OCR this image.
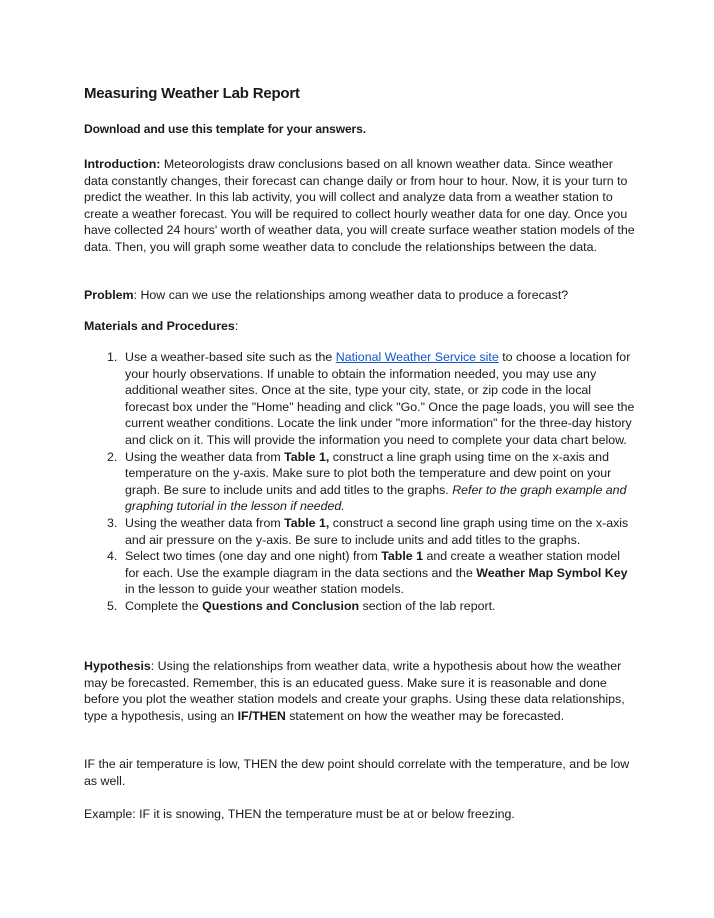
Measuring Weather Lab Report
Download and use this template for your answers.
Introduction: Meteorologists draw conclusions based on all known weather data. Since weather data constantly changes, their forecast can change daily or from hour to hour. Now, it is your turn to predict the weather. In this lab activity, you will collect and analyze data from a weather station to create a weather forecast. You will be required to collect hourly weather data for one day. Once you have collected 24 hours' worth of weather data, you will create surface weather station models of the data. Then, you will graph some weather data to conclude the relationships between the data.
Problem: How can we use the relationships among weather data to produce a forecast?
Materials and Procedures:
1. Use a weather-based site such as the National Weather Service site to choose a location for your hourly observations. If unable to obtain the information needed, you may use any additional weather sites. Once at the site, type your city, state, or zip code in the local forecast box under the "Home" heading and click "Go." Once the page loads, you will see the current weather conditions. Locate the link under "more information" for the three-day history and click on it. This will provide the information you need to complete your data chart below.
2. Using the weather data from Table 1, construct a line graph using time on the x-axis and temperature on the y-axis. Make sure to plot both the temperature and dew point on your graph. Be sure to include units and add titles to the graphs. Refer to the graph example and graphing tutorial in the lesson if needed.
3. Using the weather data from Table 1, construct a second line graph using time on the x-axis and air pressure on the y-axis. Be sure to include units and add titles to the graphs.
4. Select two times (one day and one night) from Table 1 and create a weather station model for each. Use the example diagram in the data sections and the Weather Map Symbol Key in the lesson to guide your weather station models.
5. Complete the Questions and Conclusion section of the lab report.
Hypothesis: Using the relationships from weather data, write a hypothesis about how the weather may be forecasted. Remember, this is an educated guess. Make sure it is reasonable and done before you plot the weather station models and create your graphs. Using these data relationships, type a hypothesis, using an IF/THEN statement on how the weather may be forecasted.
IF the air temperature is low, THEN the dew point should correlate with the temperature, and be low as well.
Example: IF it is snowing, THEN the temperature must be at or below freezing.
